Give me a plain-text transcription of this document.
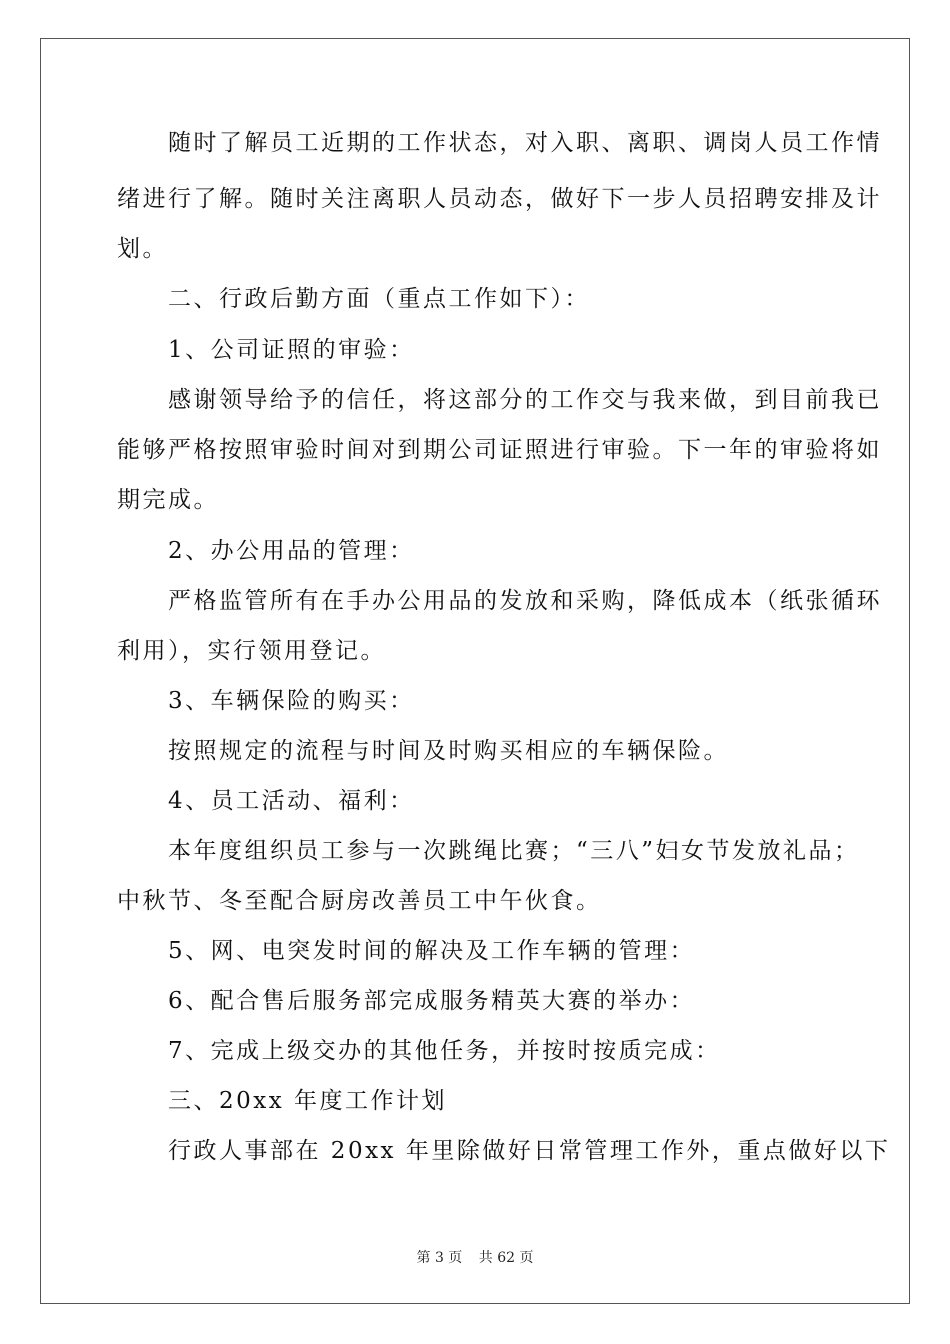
　　随时了解员工近期的工作状态，对入职、离职、调岗人员工作情
绪进行了解。随时关注离职人员动态，做好下一步人员招聘安排及计
划。
　　二、行政后勤方面（重点工作如下）：
　　1、公司证照的审验：
　　感谢领导给予的信任，将这部分的工作交与我来做，到目前我已
能够严格按照审验时间对到期公司证照进行审验。下一年的审验将如
期完成。
　　2、办公用品的管理：
　　严格监管所有在手办公用品的发放和采购，降低成本（纸张循环
利用），实行领用登记。
　　3、车辆保险的购买：
　　按照规定的流程与时间及时购买相应的车辆保险。
　　4、员工活动、福利：
　　本年度组织员工参与一次跳绳比赛；“三八”妇女节发放礼品；
中秋节、冬至配合厨房改善员工中午伙食。
　　5、网、电突发时间的解决及工作车辆的管理：
　　6、配合售后服务部完成服务精英大赛的举办：
　　7、完成上级交办的其他任务，并按时按质完成：
　　三、20xx 年度工作计划
　　行政人事部在 20xx 年里除做好日常管理工作外，重点做好以下
第 3 页 共 62 页
